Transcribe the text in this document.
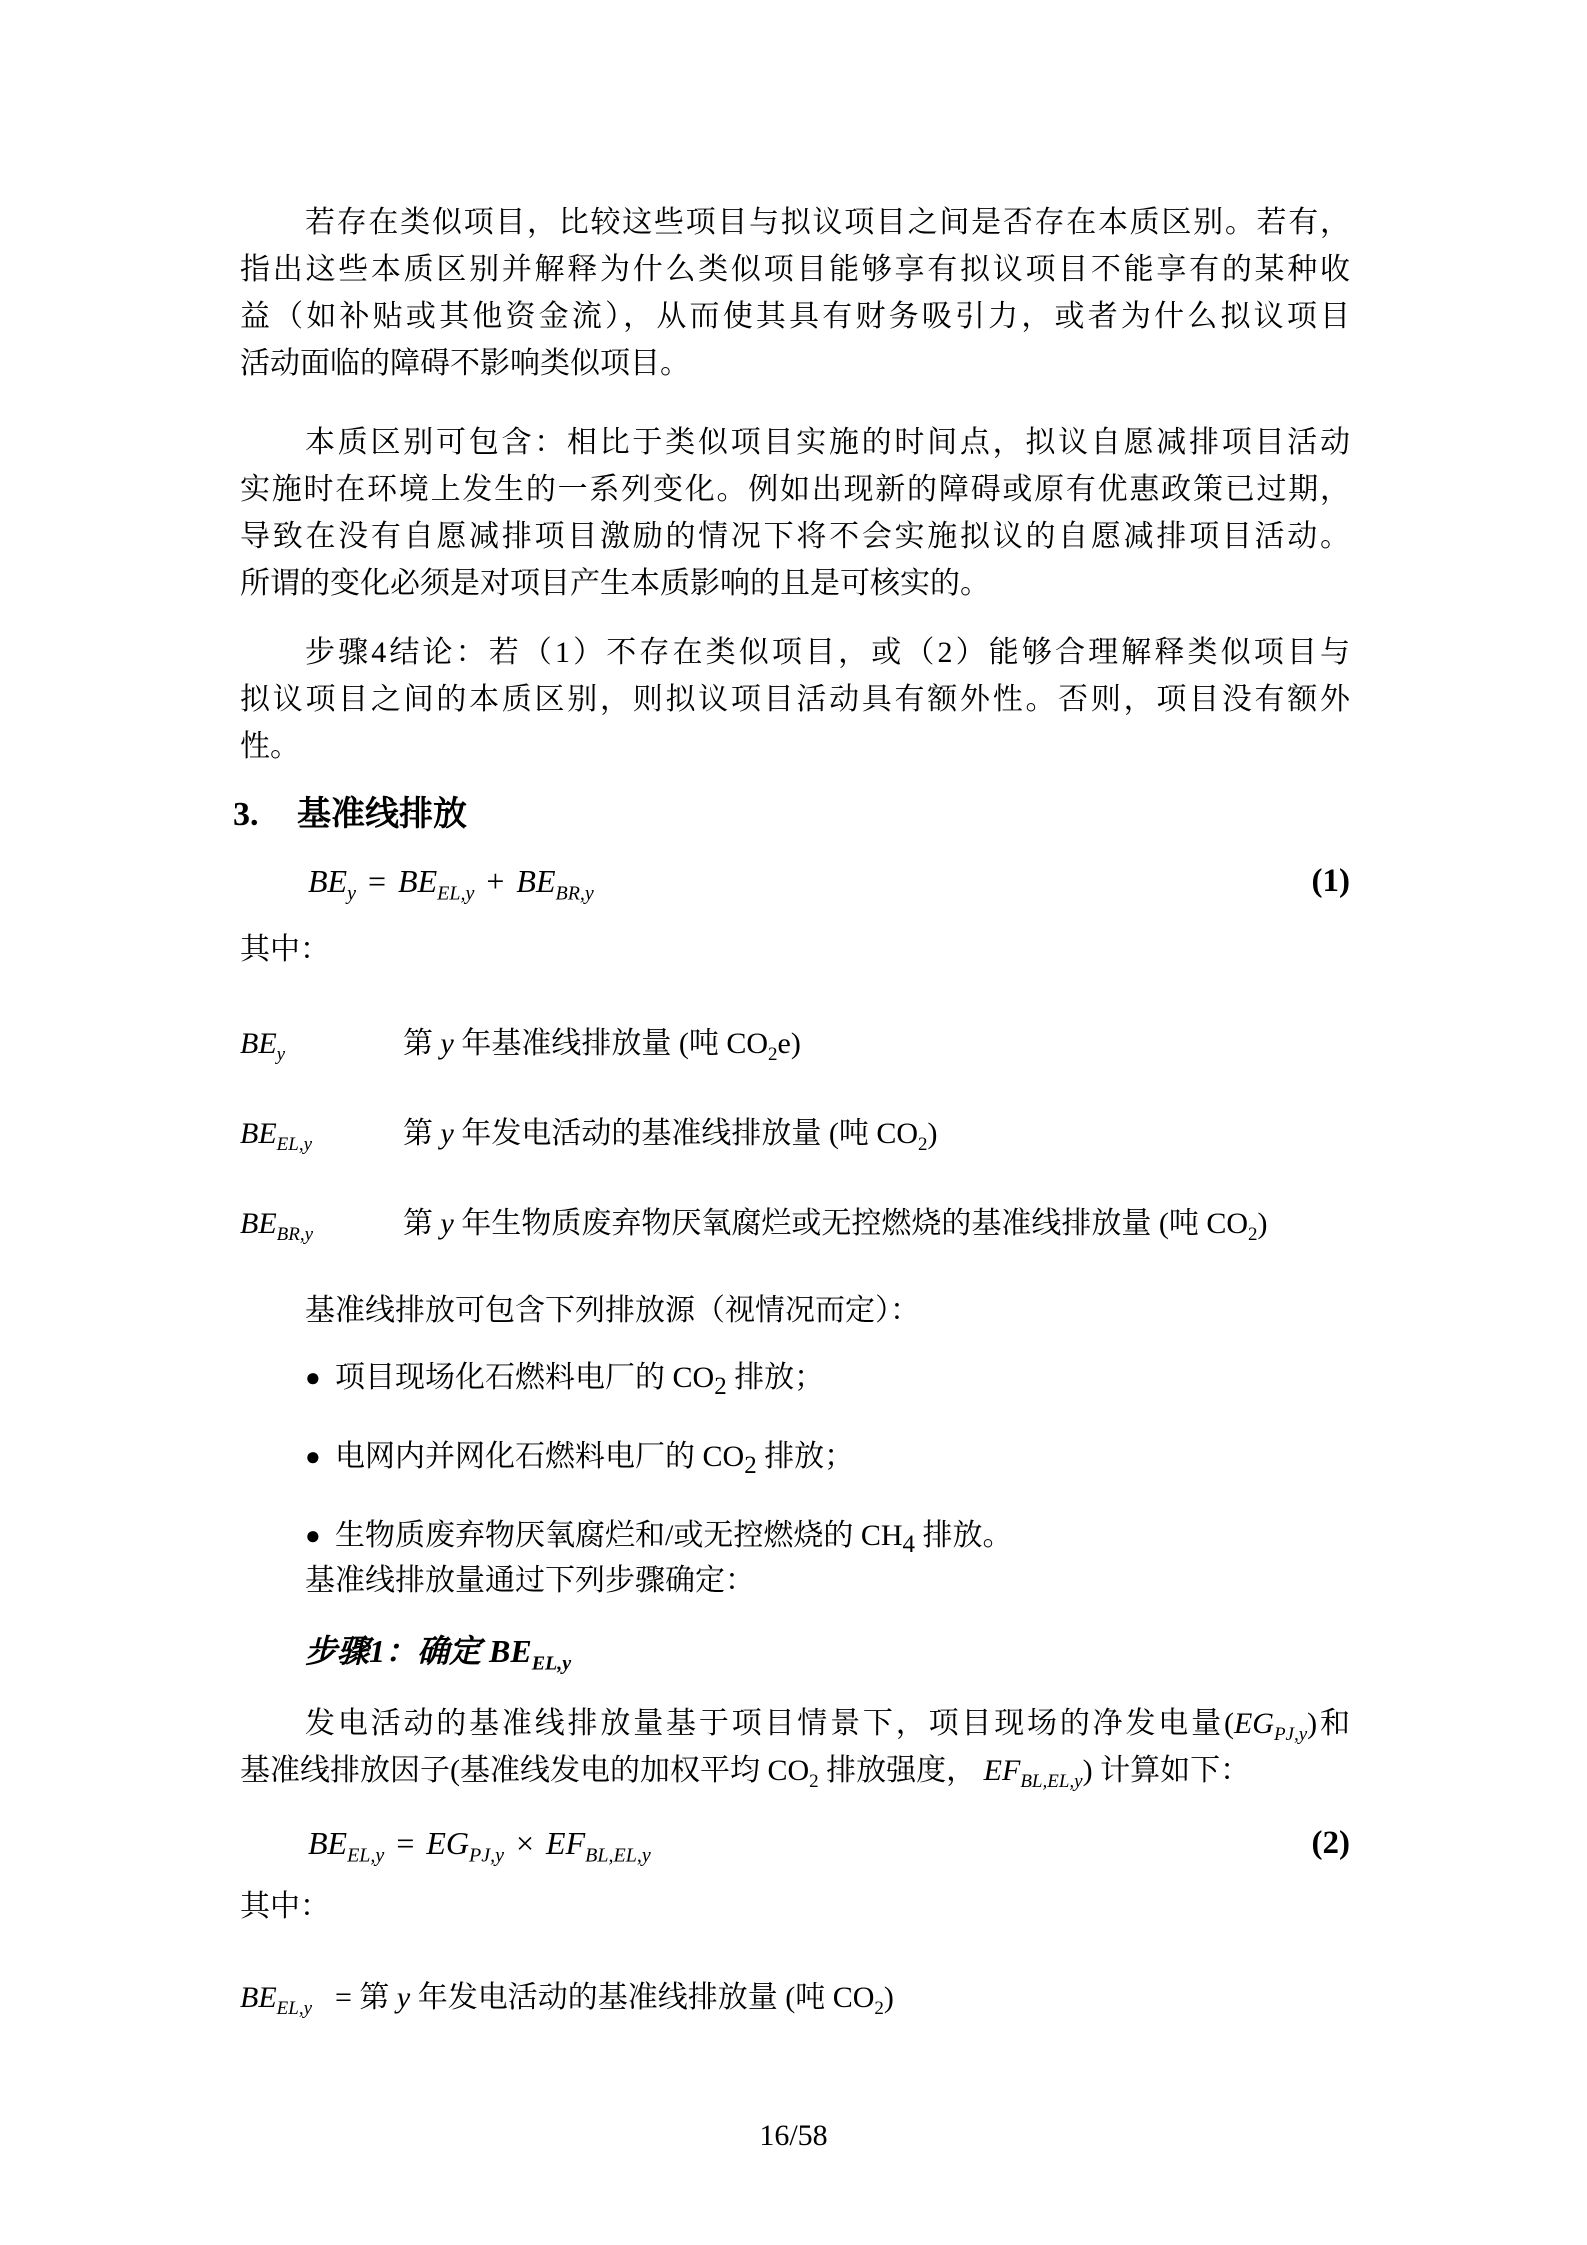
若存在类似项目，比较这些项目与拟议项目之间是否存在本质区别。若有，
指出这些本质区别并解释为什么类似项目能够享有拟议项目不能享有的某种收
益（如补贴或其他资金流），从而使其具有财务吸引力，或者为什么拟议项目
活动面临的障碍不影响类似项目。
本质区别可包含：相比于类似项目实施的时间点，拟议自愿减排项目活动
实施时在环境上发生的一系列变化。例如出现新的障碍或原有优惠政策已过期，
导致在没有自愿减排项目激励的情况下将不会实施拟议的自愿减排项目活动。
所谓的变化必须是对项目产生本质影响的且是可核实的。
步骤4结论：若（1）不存在类似项目，或（2）能够合理解释类似项目与
拟议项目之间的本质区别，则拟议项目活动具有额外性。否则，项目没有额外
性。
3. 基准线排放
$BE_y = BE_{EL,y} + BE_{BR,y}$	(1)
其中：
$BE_y$	第 y 年基准线排放量 (吨 $CO_2e$)
$BE_{EL,y}$	第 y 年发电活动的基准线排放量 (吨 $CO_2$)
$BE_{BR,y}$	第 y 年生物质废弃物厌氧腐烂或无控燃烧的基准线排放量 (吨 $CO_2$)
基准线排放可包含下列排放源（视情况而定）：
● 项目现场化石燃料电厂的 $CO_2$ 排放；
● 电网内并网化石燃料电厂的 $CO_2$ 排放；
● 生物质废弃物厌氧腐烂和/或无控燃烧的 $CH_4$ 排放。
基准线排放量通过下列步骤确定：
步骤1：确定 $BE_{EL,y}$
发电活动的基准线排放量基于项目情景下，项目现场的净发电量$(EG_{PJ,y})$和
基准线排放因子(基准线发电的加权平均 $CO_2$ 排放强度， $EF_{BL,EL,y}$) 计算如下：
$BE_{EL,y} = EG_{PJ,y} \times EF_{BL,EL,y}$	(2)
其中：
$BE_{EL,y}$ = 第 y 年发电活动的基准线排放量 (吨 $CO_2$)
16/58
